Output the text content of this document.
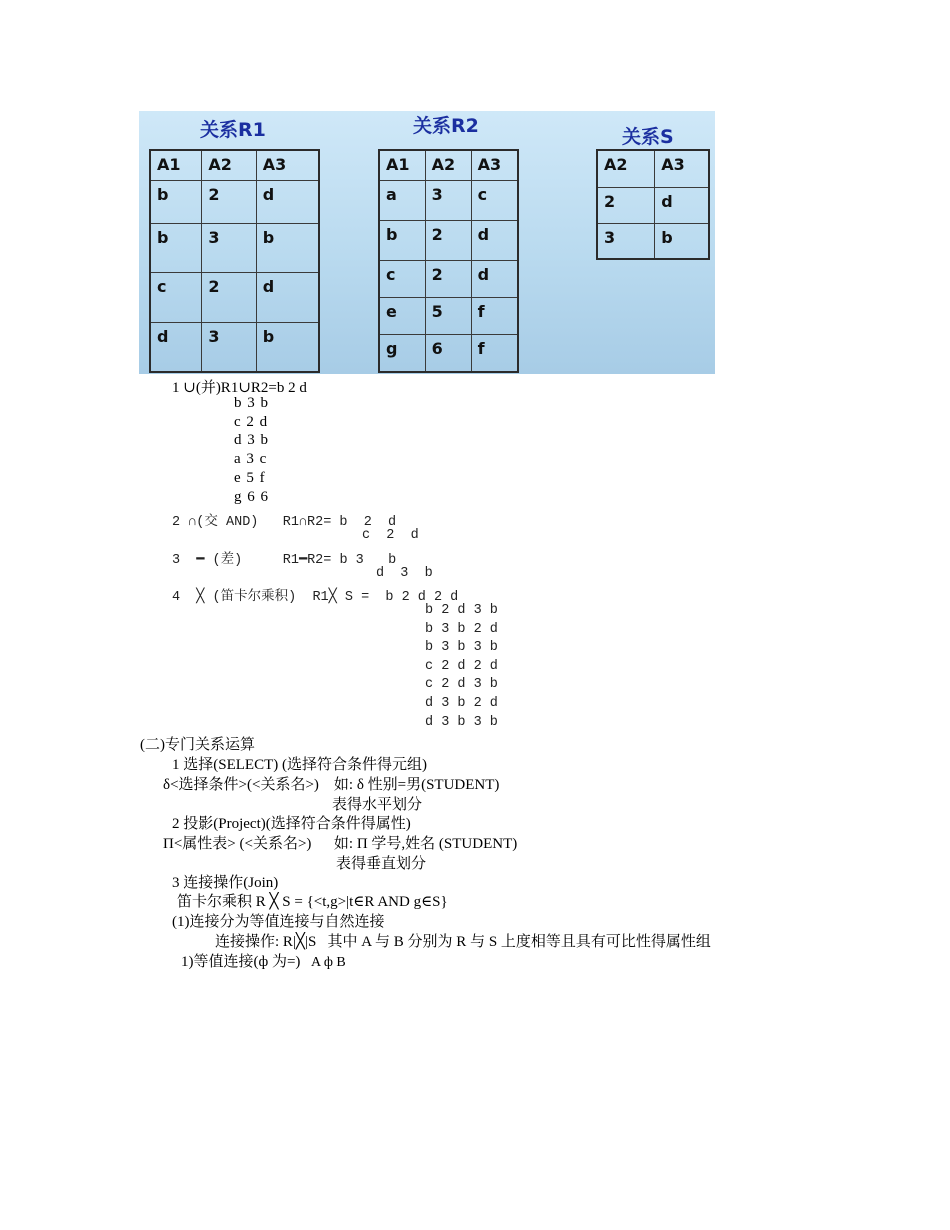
关系R1	关系R2	关系S
A1	A2	A3
b	2	d
b	3	b
c	2	d
d	3	b
A1	A2	A3
a	3	c
b	2	d
c	2	d
e	5	f
g	6	f
A2	A3
2	d
3	b
1 ∪(并)R1∪R2=b 2 d
b 3 b
c 2 d
d 3 b
a 3 c
e 5 f
g 6 6
2 ∩(交 AND)   R1∩R2= b  2  d
c  2  d
3  ━ (差)     R1━R2= b 3   b
d  3  b
4  ╳ (笛卡尔乘积)  R1╳ S =  b 2 d 2 d
b 2 d 3 b
b 3 b 2 d
b 3 b 3 b
c 2 d 2 d
c 2 d 3 b
d 3 b 2 d
d 3 b 3 b
(二)专门关系运算
1 选择(SELECT) (选择符合条件得元组)
δ<选择条件>(<关系名>)    如: δ 性别=男(STUDENT)
表得水平划分
2 投影(Project)(选择符合条件得属性)
Π<属性表> (<关系名>)      如: Π 学号,姓名 (STUDENT)
表得垂直划分
3 连接操作(Join)
笛卡尔乘积 R ╳ S = {<t,g>|t∈R AND g∈S}
(1)连接分为等值连接与自然连接
连接操作: R|╳|S   其中 A 与 B 分别为 R 与 S 上度相等且具有可比性得属性组
1)等值连接(ф 为=) A ф B
